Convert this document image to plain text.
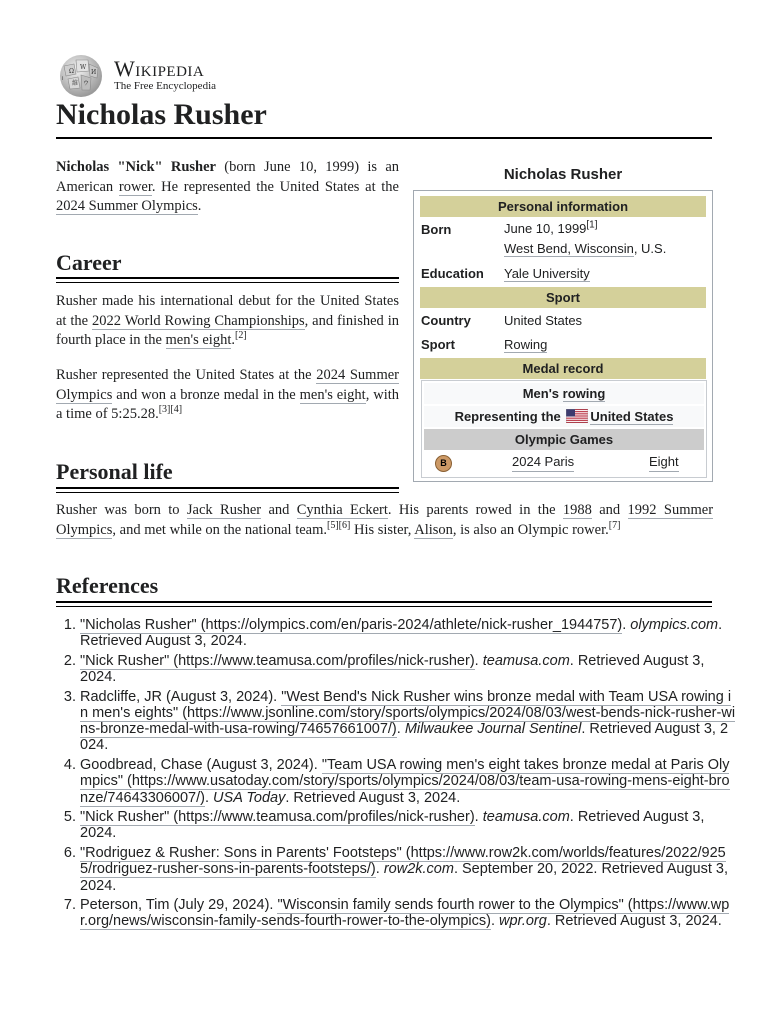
Ω
W
И
維 ウ
ا Wikipedia
The Free Encyclopedia
Nicholas Rusher

Nicholas "Nick" Rusher (born June 10, 1999) is an American rower. He represented the United States at the 2024 Summer Olympics.

Career

Rusher made his international debut for the United States at the 2022 World Rowing Championships, and finished in fourth place in the men's eight.[2]

Rusher represented the United States at the 2024 Summer Olympics and won a bronze medal in the men's eight, with a time of 5:25.28.[3][4]

Personal life

Rusher was born to Jack Rusher and Cynthia Eckert. His parents rowed in the 1988 and 1992 Summer Olympics, and met while on the national team.[5][6] His sister, Alison, is also an Olympic rower.[7]

Nicholas Rusher
Personal information
Born	June 10, 1999[1]
West Bend, Wisconsin, U.S.
Education Yale University
Sport
Country	United States
Sport	Rowing
Medal record
Men's rowing
Representing the United States
Olympic Games
B	2024 Paris	Eight
References
1. "Nicholas Rusher" (https://olympics.com/en/paris-2024/athlete/nick-rusher_1944757). olympics.com. Retrieved August 3, 2024.
2. "Nick Rusher" (https://www.teamusa.com/profiles/nick-rusher). teamusa.com. Retrieved August 3, 2024.
3. Radcliffe, JR (August 3, 2024). "West Bend's Nick Rusher wins bronze medal with Team USA rowing in men's eights" (https://www.jsonline.com/story/sports/olympics/2024/08/03/west-bends-nick-rusher-wins-bronze-medal-with-usa-rowing/74657661007/). Milwaukee Journal Sentinel. Retrieved August 3, 2024.
4. Goodbread, Chase (August 3, 2024). "Team USA rowing men's eight takes bronze medal at Paris Olympics" (https://www.usatoday.com/story/sports/olympics/2024/08/03/team-usa-rowing-mens-eight-bronze/74643306007/). USA Today. Retrieved August 3, 2024.
5. "Nick Rusher" (https://www.teamusa.com/profiles/nick-rusher). teamusa.com. Retrieved August 3, 2024.
6. "Rodriguez & Rusher: Sons in Parents' Footsteps" (https://www.row2k.com/worlds/features/2022/9255/rodriguez-rusher-sons-in-parents-footsteps/). row2k.com. September 20, 2022. Retrieved August 3, 2024.
7. Peterson, Tim (July 29, 2024). "Wisconsin family sends fourth rower to the Olympics" (https://www.wpr.org/news/wisconsin-family-sends-fourth-rower-to-the-olympics). wpr.org. Retrieved August 3, 2024.
